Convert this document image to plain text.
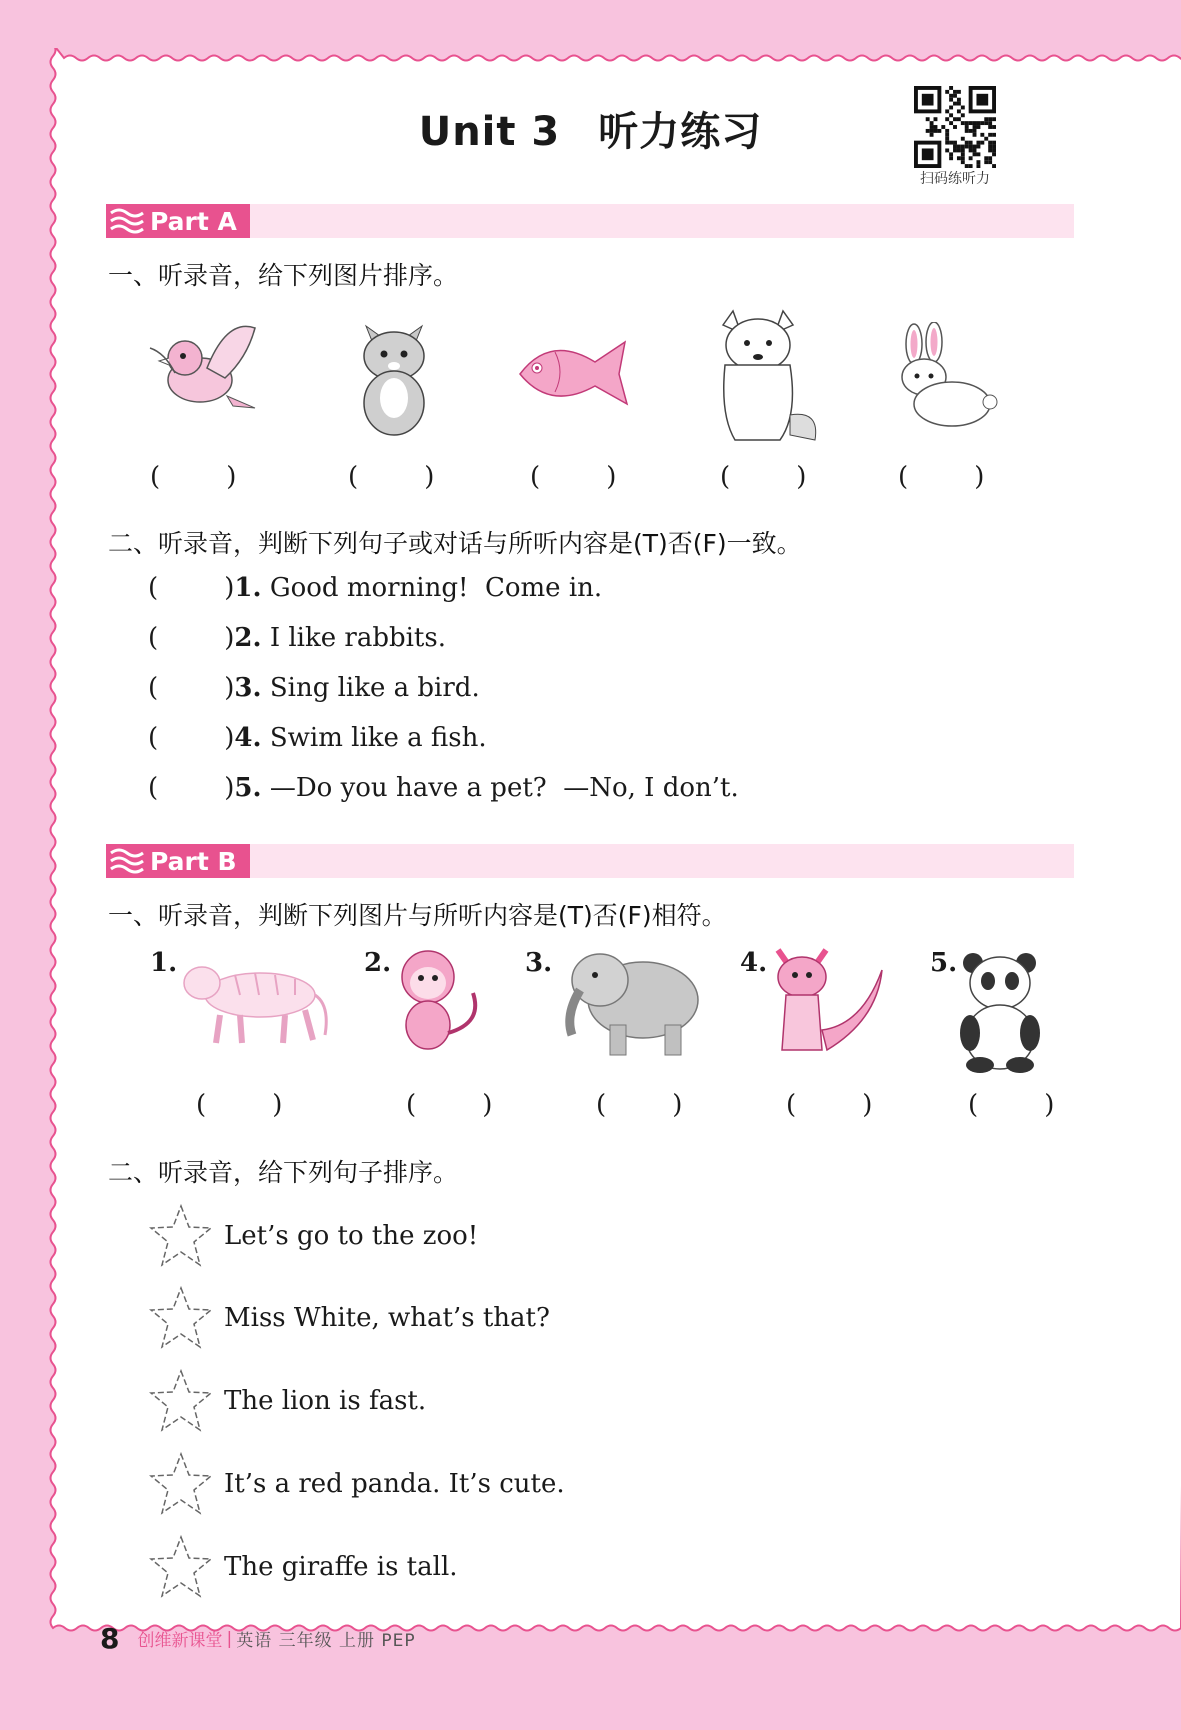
Unit 3 听力练习
扫码练听力
Part A
一、听录音，给下列图片排序。
(        )	(        )	(        )	(        )	(        )
二、听录音，判断下列句子或对话与所听内容是(T)否(F)一致。
(        )1. Good morning!  Come in.
(        )2. I like rabbits.
(        )3. Sing like a bird.
(        )4. Swim like a fish.
(        )5. —Do you have a pet?  —No, I don’t.
Part B
一、听录音，判断下列图片与所听内容是(T)否(F)相符。
1.	2.	3.	4.	5.
(        )	(        )	(        )	(        )	(        )
二、听录音，给下列句子排序。
Let’s go to the zoo!
Miss White, what’s that?
The lion is fast.
It’s a red panda. It’s cute.
The giraffe is tall.
8 创维新课堂 | 英语 三年级 上册 PEP
